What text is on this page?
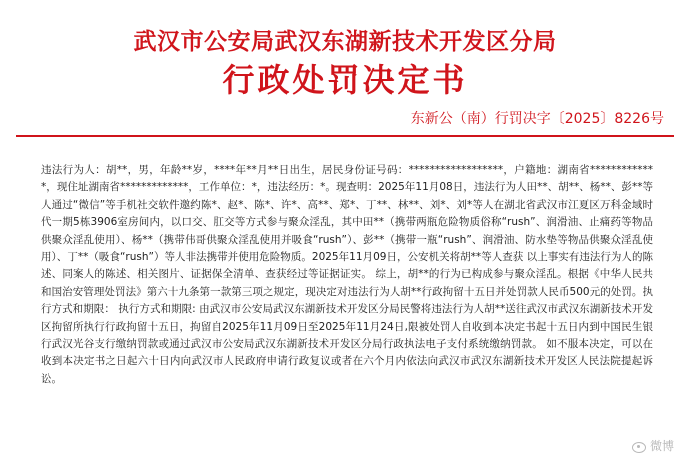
武汉市公安局武汉东湖新技术开发区分局
行政处罚决定书
东新公（南）行罚决字〔2025〕8226号
违法行为人：胡**，男，年龄**岁，****年**月**日出生，居民身份证号码：******************，户籍地：湖南省*************，现住址湖南省*************，工作单位：*，违法经历：*。现查明：2025年11月08日，违法行为人田**、胡**、杨**、彭**等人通过“微信”等手机社交软件邀约陈*、赵*、陈*、许*、高**、郑*、丁**、林**、刘*、刘*等人在湖北省武汉市江夏区万科金域时代一期5栋3906室房间内，以口交、肛交等方式参与聚众淫乱，其中田**（携带两瓶危险物质俗称“rush”、润滑油、止痛药等物品供聚众淫乱使用）、杨**（携带伟哥供聚众淫乱使用并吸食“rush”）、彭**（携带一瓶“rush”、润滑油、防水垫等物品供聚众淫乱使用）、丁**（吸食“rush”）等人非法携带并使用危险物质。2025年11月09日，公安机关将胡**等人查获 以上事实有违法行为人的陈述、同案人的陈述、相关图片、证据保全清单、查获经过等证据证实。 综上，胡**的行为已构成参与聚众淫乱。根据《中华人民共和国治安管理处罚法》第六十九条第一款第三项之规定，现决定对违法行为人胡**行政拘留十五日并处罚款人民币500元的处罚。执行方式和期限： 执行方式和期限: 由武汉市公安局武汉东湖新技术开发区分局民警将违法行为人胡**送往武汉市武汉东湖新技术开发区拘留所执行行政拘留十五日，拘留自2025年11月09日至2025年11月24日,限被处罚人自收到本决定书起十五日内到中国民生银行武汉光谷支行缴纳罚款或通过武汉市公安局武汉东湖新技术开发区分局行政执法电子支付系统缴纳罚款。 如不服本决定，可以在收到本决定书之日起六十日内向武汉市人民政府申请行政复议或者在六个月内依法向武汉市武汉东湖新技术开发区人民法院提起诉讼。
微博
